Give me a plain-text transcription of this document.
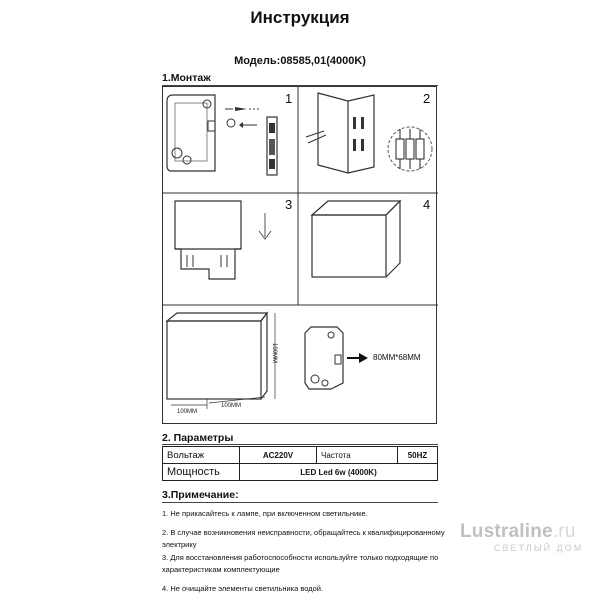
Инструкция
Модель:08585,01(4000K)
1.Монтаж
1	2
3	4
100MM
100MM
100MM
80MM*68MM
2. Параметры
Вольтаж	AC220V	Частота	50HZ
Мощность	LED Led 6w (4000K)		
3.Примечание:
1. Не прикасайтесь к лампе, при включенном светильнике.
2. В случае возникновения неисправности, обращайтесь к квалифицированному
электрику
3. Для восстановления работоспособности используйте только подходящие по
характеристикам комплектующие
4. Не очищайте элементы светильника водой.
Lustraline.ru
СВЕТЛЫЙ ДОМ
